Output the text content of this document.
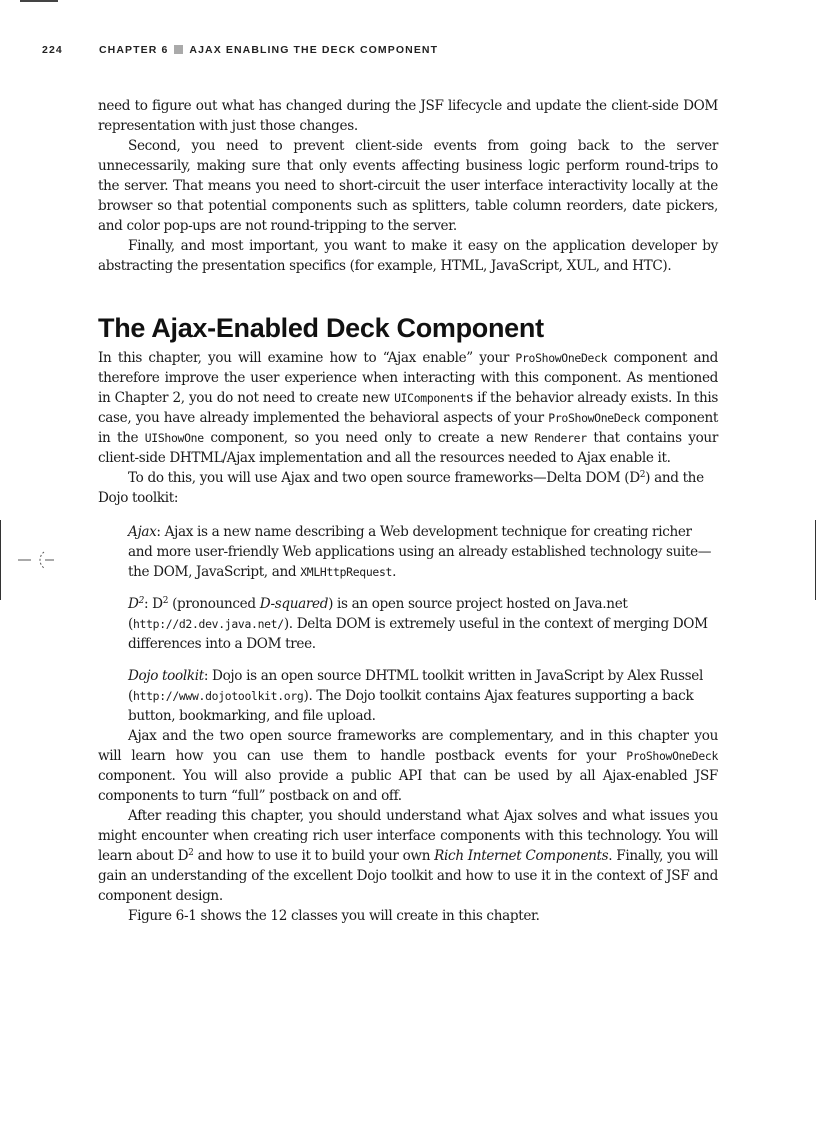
224	CHAPTER 6 AJAX ENABLING THE DECK COMPONENT

need to figure out what has changed during the JSF lifecycle and update the client-side DOM representation with just those changes.

Second, you need to prevent client-side events from going back to the server unnecessarily, making sure that only events affecting business logic perform round-trips to the server. That means you need to short-circuit the user interface interactivity locally at the browser so that potential components such as splitters, table column reorders, date pickers, and color pop-ups are not round-tripping to the server.

Finally, and most important, you want to make it easy on the application developer by abstracting the presentation specifics (for example, HTML, JavaScript, XUL, and HTC).

The Ajax-Enabled Deck Component

In this chapter, you will examine how to “Ajax enable” your ProShowOneDeck component and therefore improve the user experience when interacting with this component. As mentioned in Chapter 2, you do not need to create new UIComponents if the behavior already exists. In this case, you have already implemented the behavioral aspects of your ProShowOneDeck component in the UIShowOne component, so you need only to create a new Renderer that contains your client-side DHTML/Ajax implementation and all the resources needed to Ajax enable it.

To do this, you will use Ajax and two open source frameworks—Delta DOM $(D^2)$ and the Dojo toolkit:

Ajax: Ajax is a new name describing a Web development technique for creating richer and more user-friendly Web applications using an already established technology suite—the DOM, JavaScript, and XMLHttpRequest.

$D^2$: $D^2$ (pronounced D-squared) is an open source project hosted on Java.net (http://d2.dev.java.net/). Delta DOM is extremely useful in the context of merging DOM differences into a DOM tree.

Dojo toolkit: Dojo is an open source DHTML toolkit written in JavaScript by Alex Russel (http://www.dojotoolkit.org). The Dojo toolkit contains Ajax features supporting a back button, bookmarking, and file upload.

Ajax and the two open source frameworks are complementary, and in this chapter you will learn how you can use them to handle postback events for your ProShowOneDeck component. You will also provide a public API that can be used by all Ajax-enabled JSF components to turn “full” postback on and off.

After reading this chapter, you should understand what Ajax solves and what issues you might encounter when creating rich user interface components with this technology. You will learn about $D^2$ and how to use it to build your own Rich Internet Components. Finally, you will gain an understanding of the excellent Dojo toolkit and how to use it in the context of JSF and component design.

Figure 6-1 shows the 12 classes you will create in this chapter.
